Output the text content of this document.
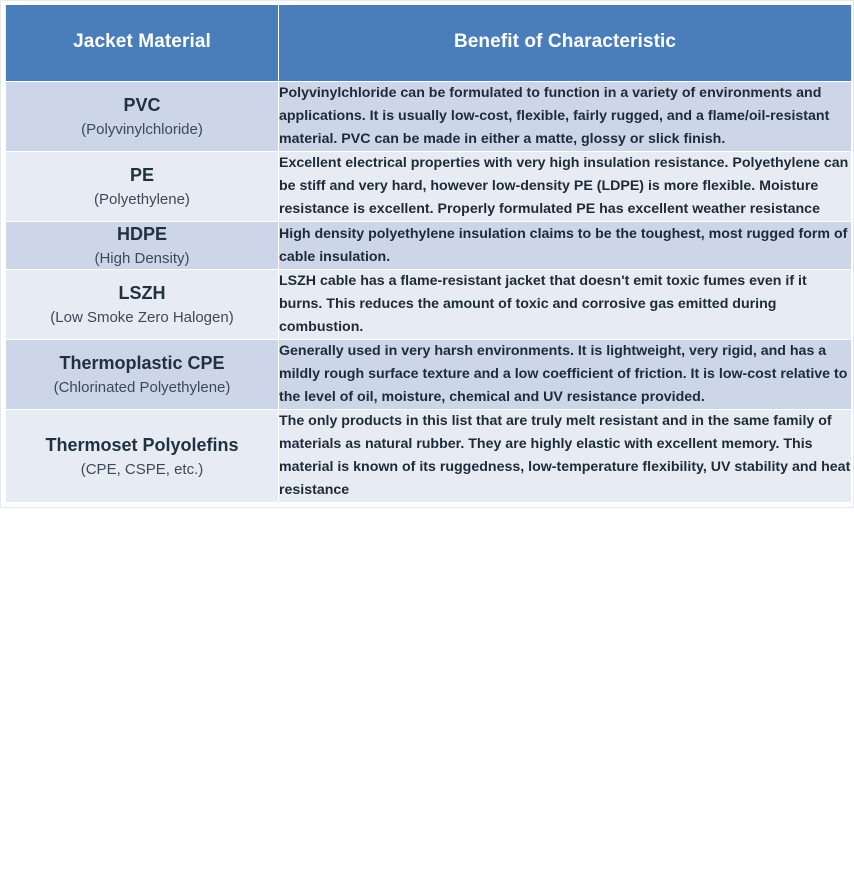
Jacket Material	Benefit of Characteristic

PVC
(Polyvinylchloride)	Polyvinylchloride can be formulated to function in a variety of environments and applications. It is usually low-cost, flexible, fairly rugged, and a flame/oil-resistant material. PVC can be made in either a matte, glossy or slick finish.

PE
(Polyethylene)	Excellent electrical properties with very high insulation resistance. Polyethylene can be stiff and very hard, however low-density PE (LDPE) is more flexible. Moisture resistance is excellent. Properly formulated PE has excellent weather resistance

HDPE
(High Density)	High density polyethylene insulation claims to be the toughest, most rugged form of cable insulation.

LSZH
(Low Smoke Zero Halogen)	LSZH cable has a flame-resistant jacket that doesn't emit toxic fumes even if it burns. This reduces the amount of toxic and corrosive gas emitted during combustion.

Thermoplastic CPE
(Chlorinated Polyethylene)	Generally used in very harsh environments. It is lightweight, very rigid, and has a mildly rough surface texture and a low coefficient of friction. It is low-cost relative to the level of oil, moisture, chemical and UV resistance provided.

Thermoset Polyolefins
(CPE, CSPE, etc.)	The only products in this list that are truly melt resistant and in the same family of materials as natural rubber. They are highly elastic with excellent memory. This material is known of its ruggedness, low-temperature flexibility, UV stability and heat resistance
